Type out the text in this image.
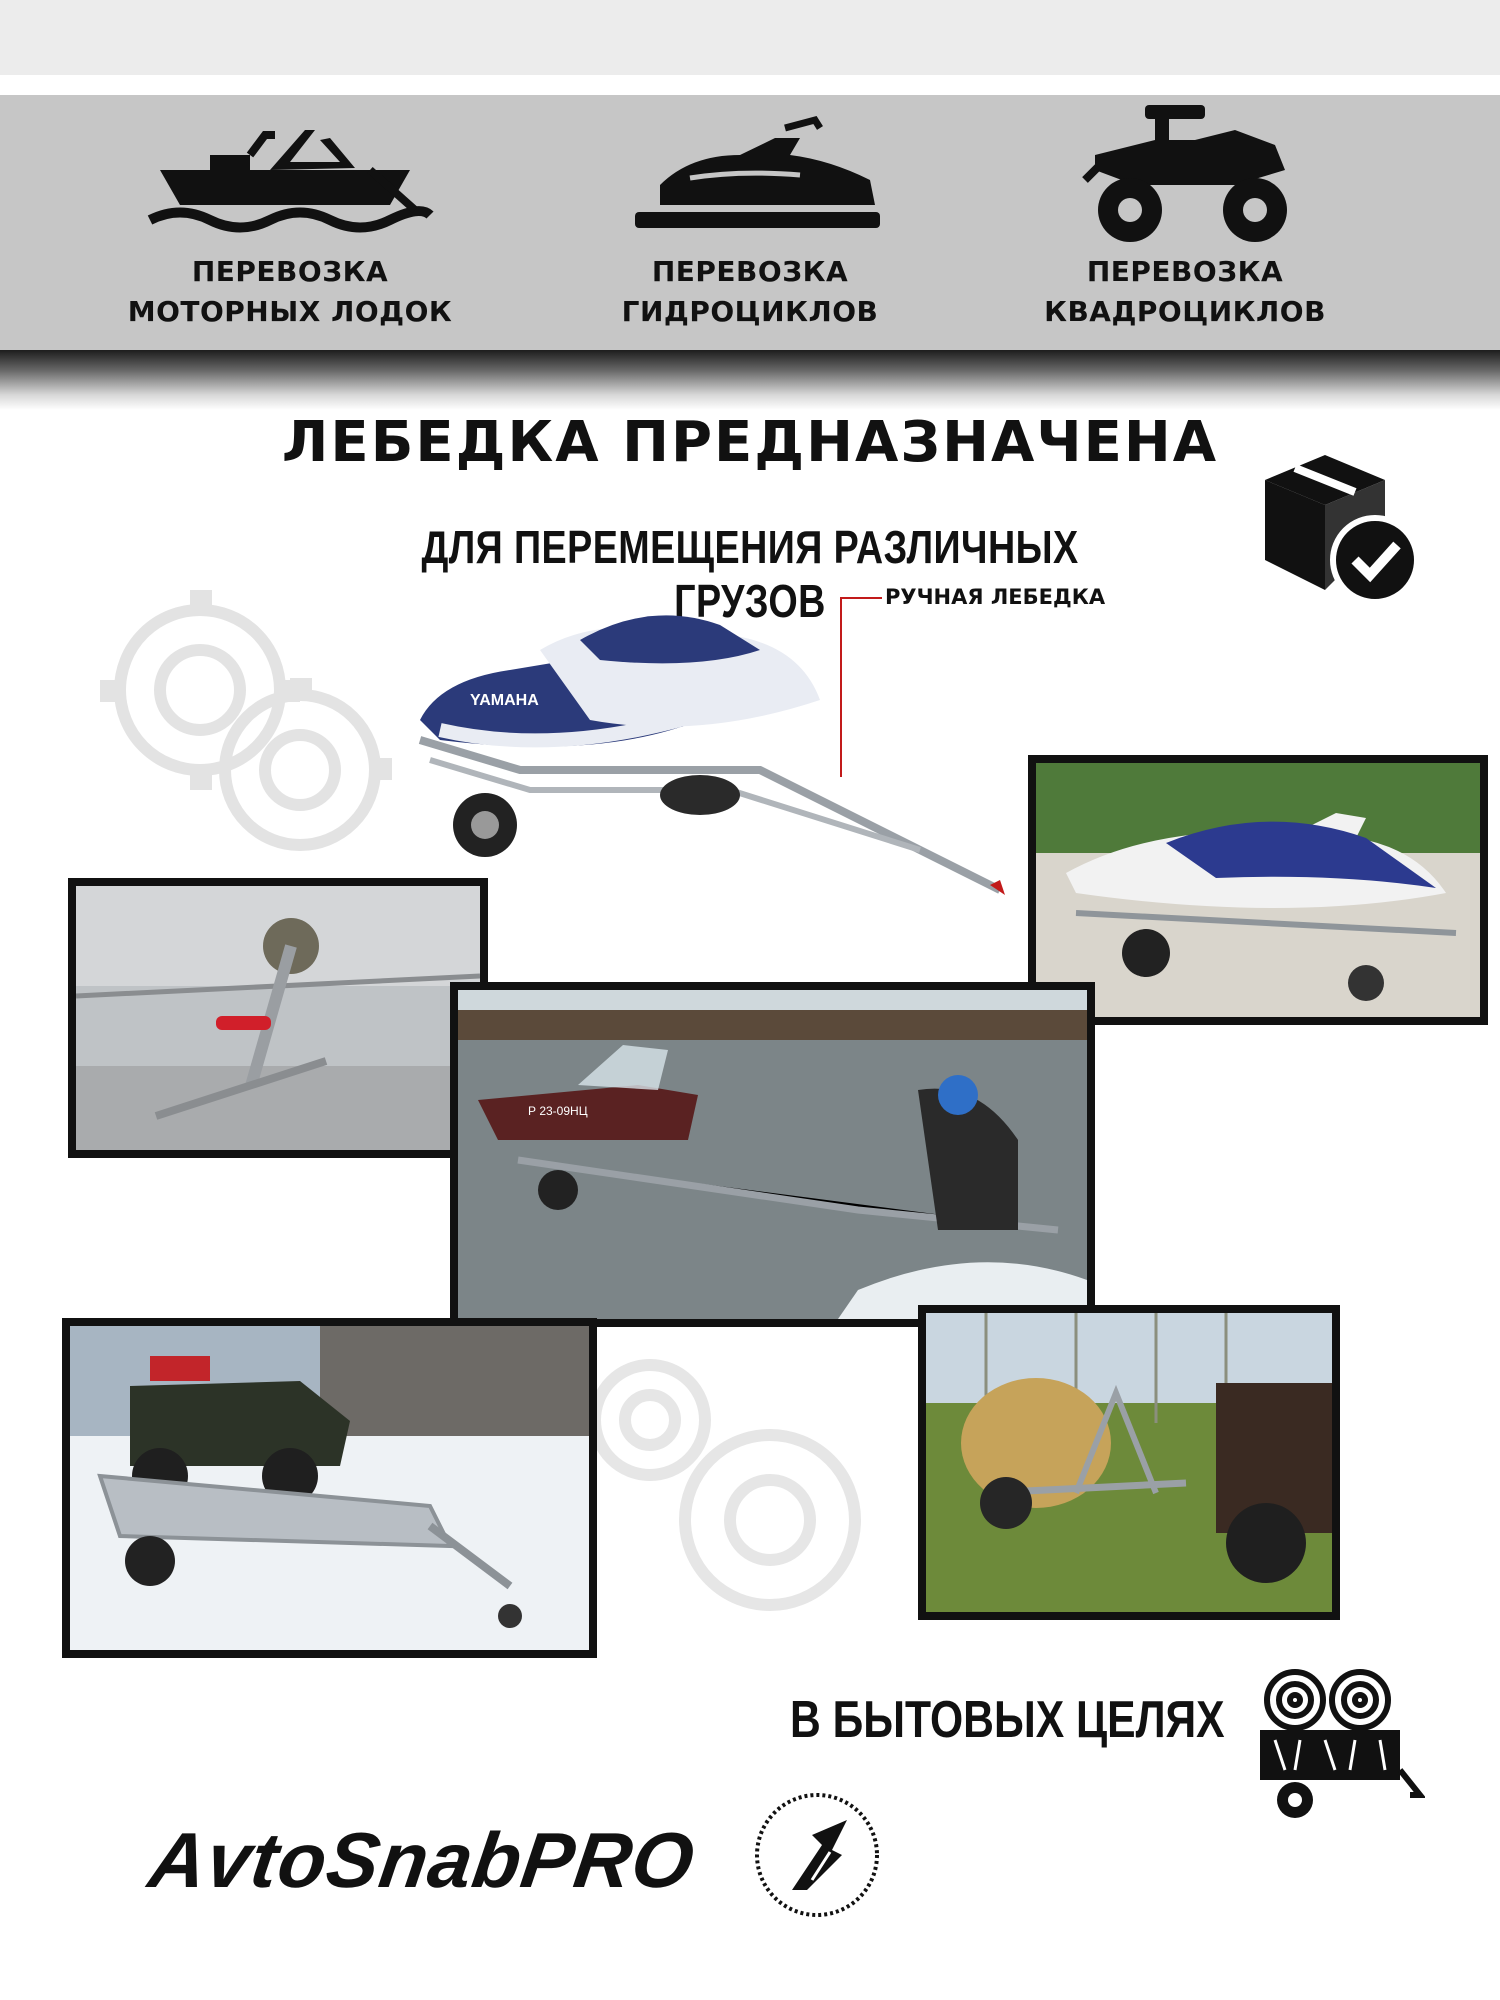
ПЕРЕВОЗКА
МОТОРНЫХ ЛОДОК
ПЕРЕВОЗКА
ГИДРОЦИКЛОВ
ПЕРЕВОЗКА
КВАДРОЦИКЛОВ
ЛЕБЕДКА ПРЕДНАЗНАЧЕНА
ДЛЯ ПЕРЕМЕЩЕНИЯ РАЗЛИЧНЫХ ГРУЗОВ
YAMAHA
РУЧНАЯ ЛЕБЕДКА
Р 23-09НЦ
В БЫТОВЫХ ЦЕЛЯХ
AvtoSnabPRO
